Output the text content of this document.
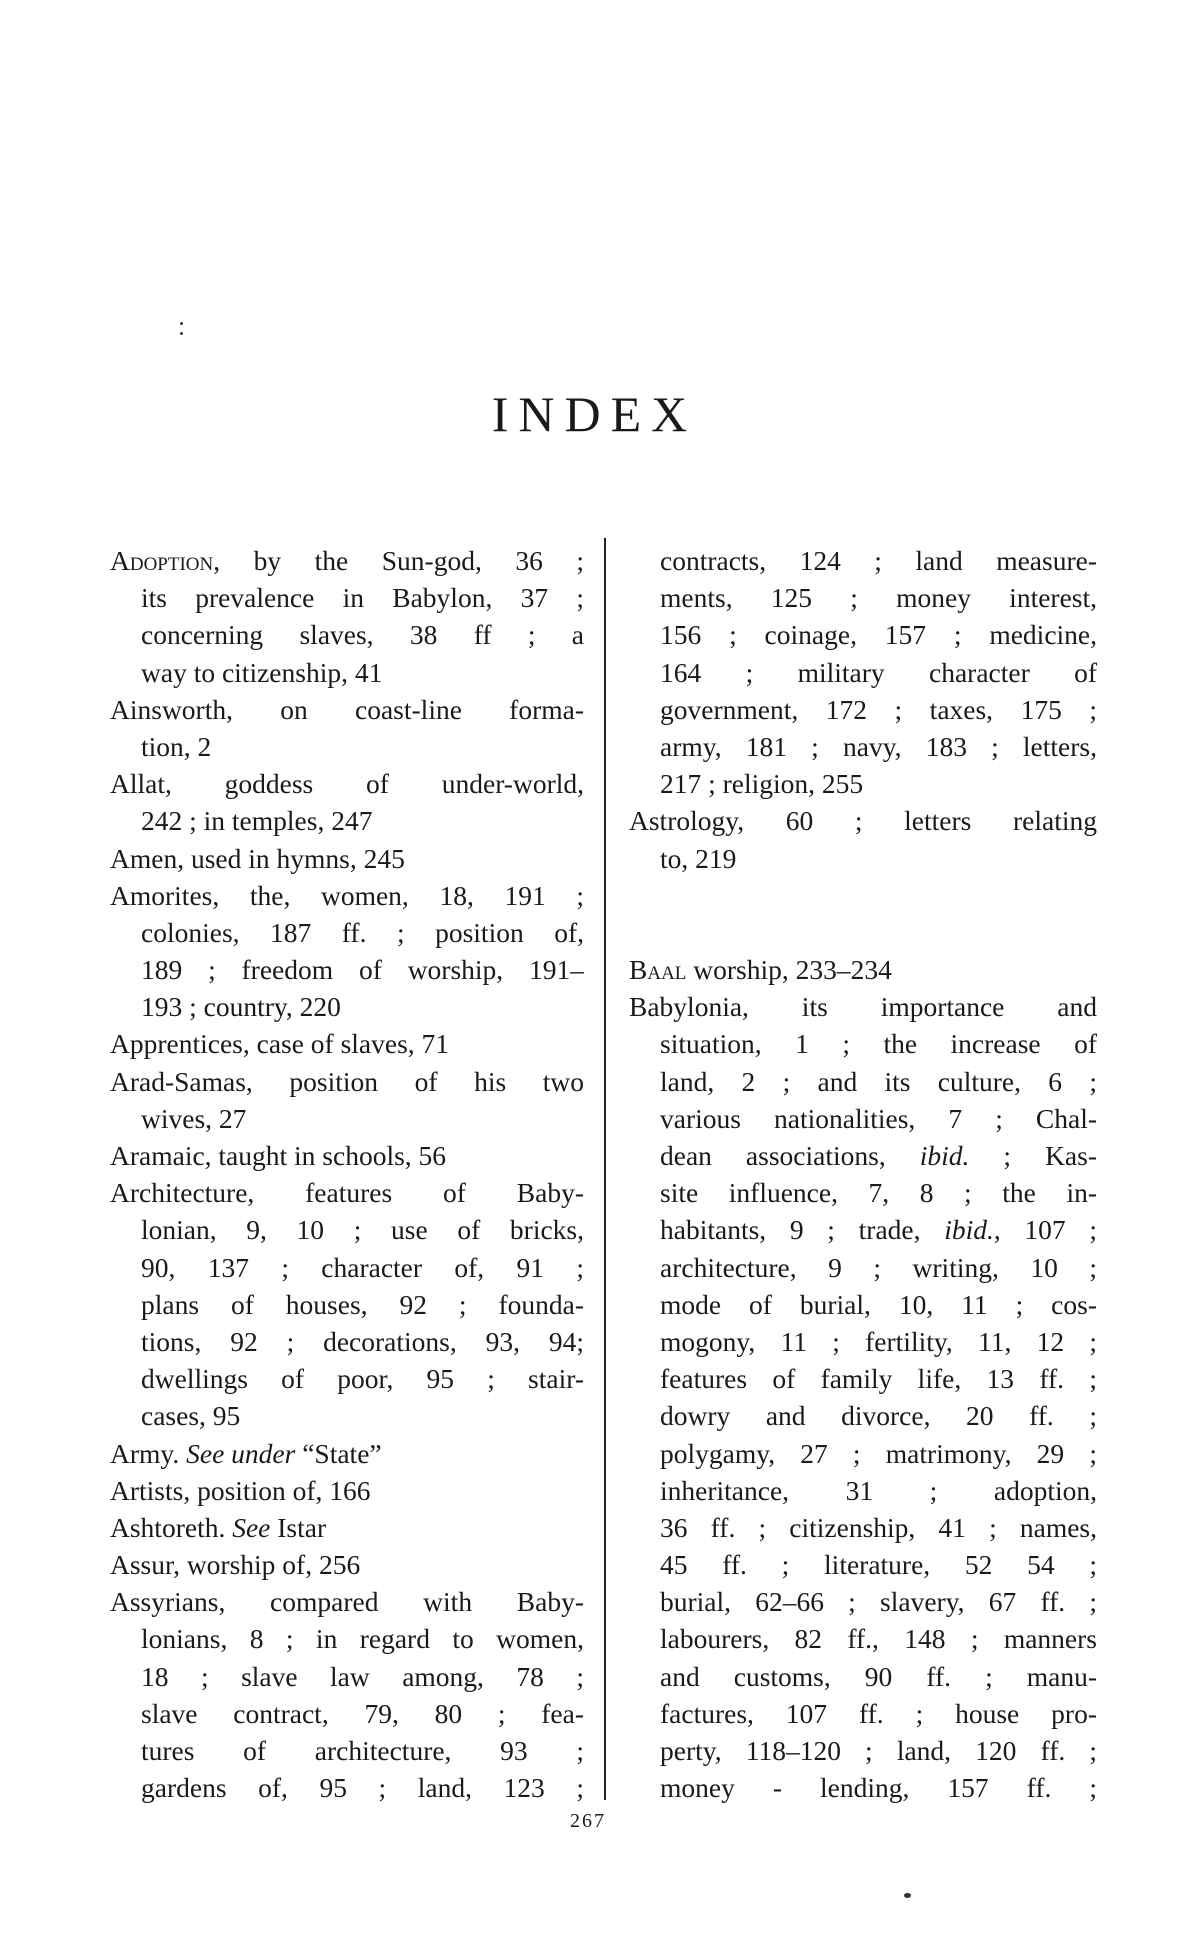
INDEX
Adoption, by the Sun-god, 36 ;
its prevalence in Babylon, 37 ;
concerning slaves, 38 ff ; a
way to citizenship, 41
Ainsworth, on coast-line forma-
tion, 2
Allat, goddess of under-world,
242 ; in temples, 247
Amen, used in hymns, 245
Amorites, the, women, 18, 191 ;
colonies, 187 ff. ; position of,
189 ; freedom of worship, 191–
193 ; country, 220
Apprentices, case of slaves, 71
Arad-Samas, position of his two
wives, 27
Aramaic, taught in schools, 56
Architecture, features of Baby-
lonian, 9, 10 ; use of bricks,
90, 137 ; character of, 91 ;
plans of houses, 92 ; founda-
tions, 92 ; decorations, 93, 94;
dwellings of poor, 95 ; stair-
cases, 95
Army. See under “State”
Artists, position of, 166
Ashtoreth. See Istar
Assur, worship of, 256
Assyrians, compared with Baby-
lonians, 8 ; in regard to women,
18 ; slave law among, 78 ;
slave contract, 79, 80 ; fea-
tures of architecture, 93 ;
gardens of, 95 ; land, 123 ;
contracts, 124 ; land measure-
ments, 125 ; money interest,
156 ; coinage, 157 ; medicine,
164 ; military character of
government, 172 ; taxes, 175 ;
army, 181 ; navy, 183 ; letters,
217 ; religion, 255
Astrology, 60 ; letters relating
to, 219
Baal worship, 233–234
Babylonia, its importance and
situation, 1 ; the increase of
land, 2 ; and its culture, 6 ;
various nationalities, 7 ; Chal-
dean associations, ibid. ; Kas-
site influence, 7, 8 ; the in-
habitants, 9 ; trade, ibid., 107 ;
architecture, 9 ; writing, 10 ;
mode of burial, 10, 11 ; cos-
mogony, 11 ; fertility, 11, 12 ;
features of family life, 13 ff. ;
dowry and divorce, 20 ff. ;
polygamy, 27 ; matrimony, 29 ;
inheritance, 31 ; adoption,
36 ff. ; citizenship, 41 ; names,
45 ff. ; literature, 52 54 ;
burial, 62–66 ; slavery, 67 ff. ;
labourers, 82 ff., 148 ; manners
and customs, 90 ff. ; manu-
factures, 107 ff. ; house pro-
perty, 118–120 ; land, 120 ff. ;
money - lending, 157 ff. ;
267
